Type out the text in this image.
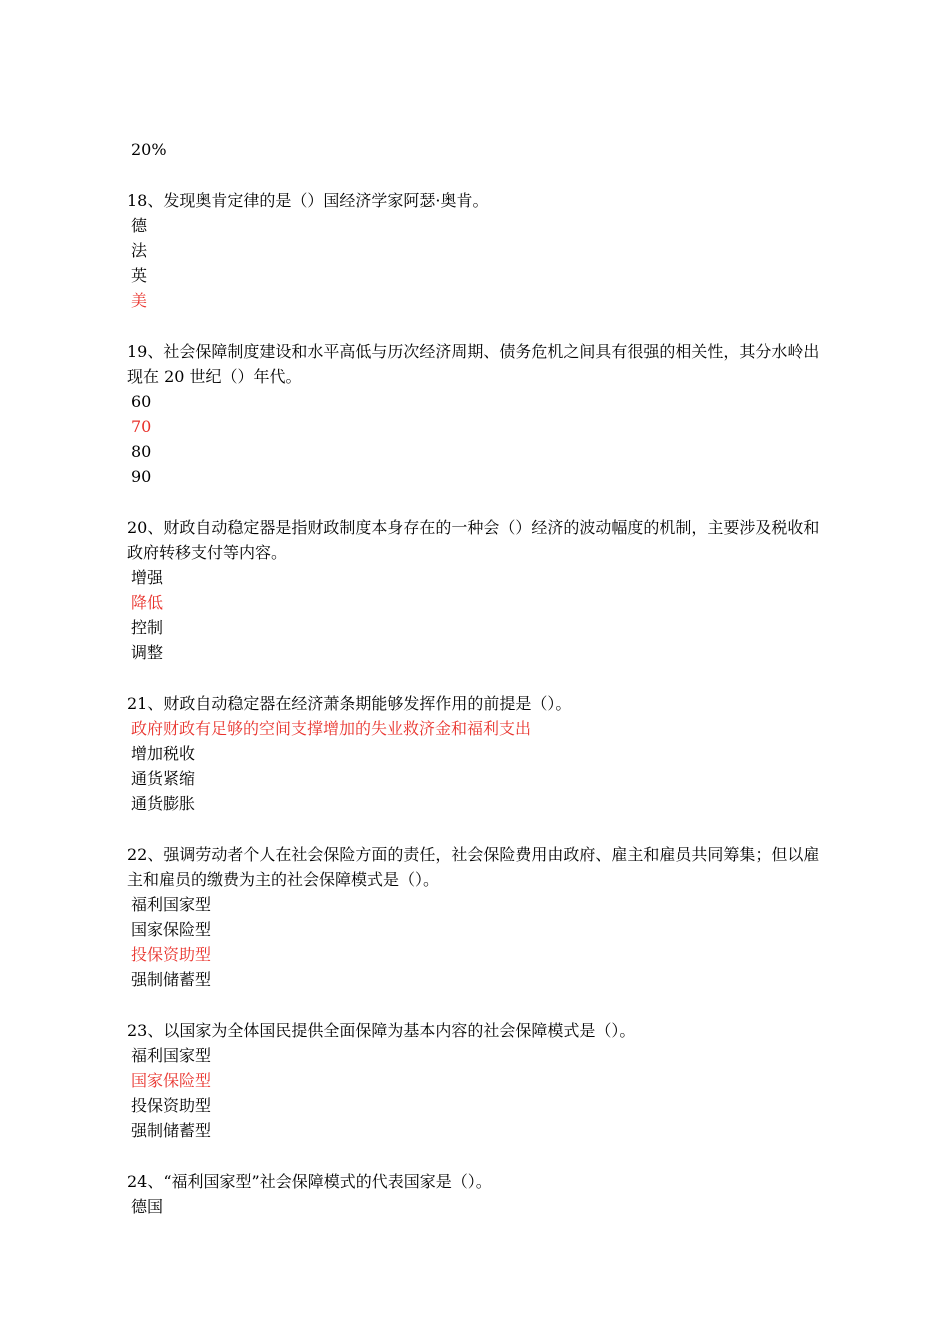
20%
18、发现奥肯定律的是（）国经济学家阿瑟·奥肯。
德
法
英
美
19、社会保障制度建设和水平高低与历次经济周期、债务危机之间具有很强的相关性，其分水岭出
现在 20 世纪（）年代。
60
70
80
90
20、财政自动稳定器是指财政制度本身存在的一种会（）经济的波动幅度的机制，主要涉及税收和
政府转移支付等内容。
增强
降低
控制
调整
21、财政自动稳定器在经济萧条期能够发挥作用的前提是（）。
政府财政有足够的空间支撑增加的失业救济金和福利支出
增加税收
通货紧缩
通货膨胀
22、强调劳动者个人在社会保险方面的责任，社会保险费用由政府、雇主和雇员共同筹集；但以雇
主和雇员的缴费为主的社会保障模式是（）。
福利国家型
国家保险型
投保资助型
强制储蓄型
23、以国家为全体国民提供全面保障为基本内容的社会保障模式是（）。
福利国家型
国家保险型
投保资助型
强制储蓄型
24、“福利国家型”社会保障模式的代表国家是（）。
德国
